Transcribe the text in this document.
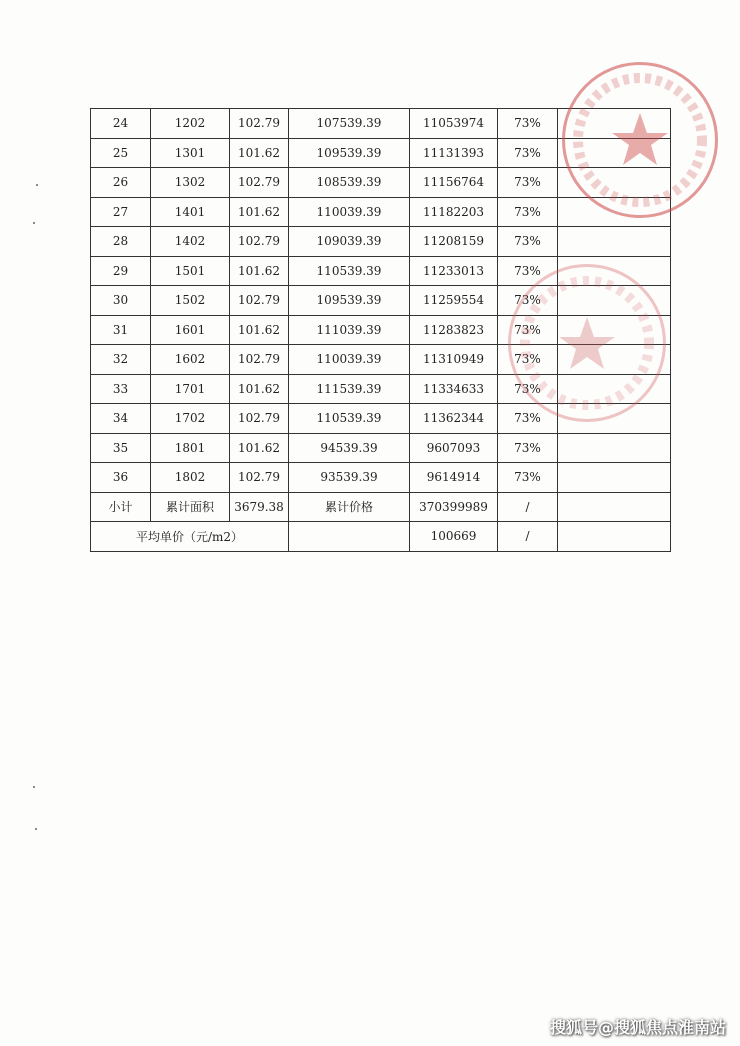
24	1202	102.79	107539.39	11053974	73%	
25	1301	101.62	109539.39	11131393	73%	
26	1302	102.79	108539.39	11156764	73%	
27	1401	101.62	110039.39	11182203	73%	
28	1402	102.79	109039.39	11208159	73%	
29	1501	101.62	110539.39	11233013	73%	
30	1502	102.79	109539.39	11259554	73%	
31	1601	101.62	111039.39	11283823	73%	
32	1602	102.79	110039.39	11310949	73%	
33	1701	101.62	111539.39	11334633	73%	
34	1702	102.79	110539.39	11362344	73%	
35	1801	101.62	94539.39	9607093	73%	
36	1802	102.79	93539.39	9614914	73%	
小计	累计面积	3679.38	累计价格	370399989	/	
平均单价（元/m2）				100669	/	
搜狐号@搜狐焦点淮南站
